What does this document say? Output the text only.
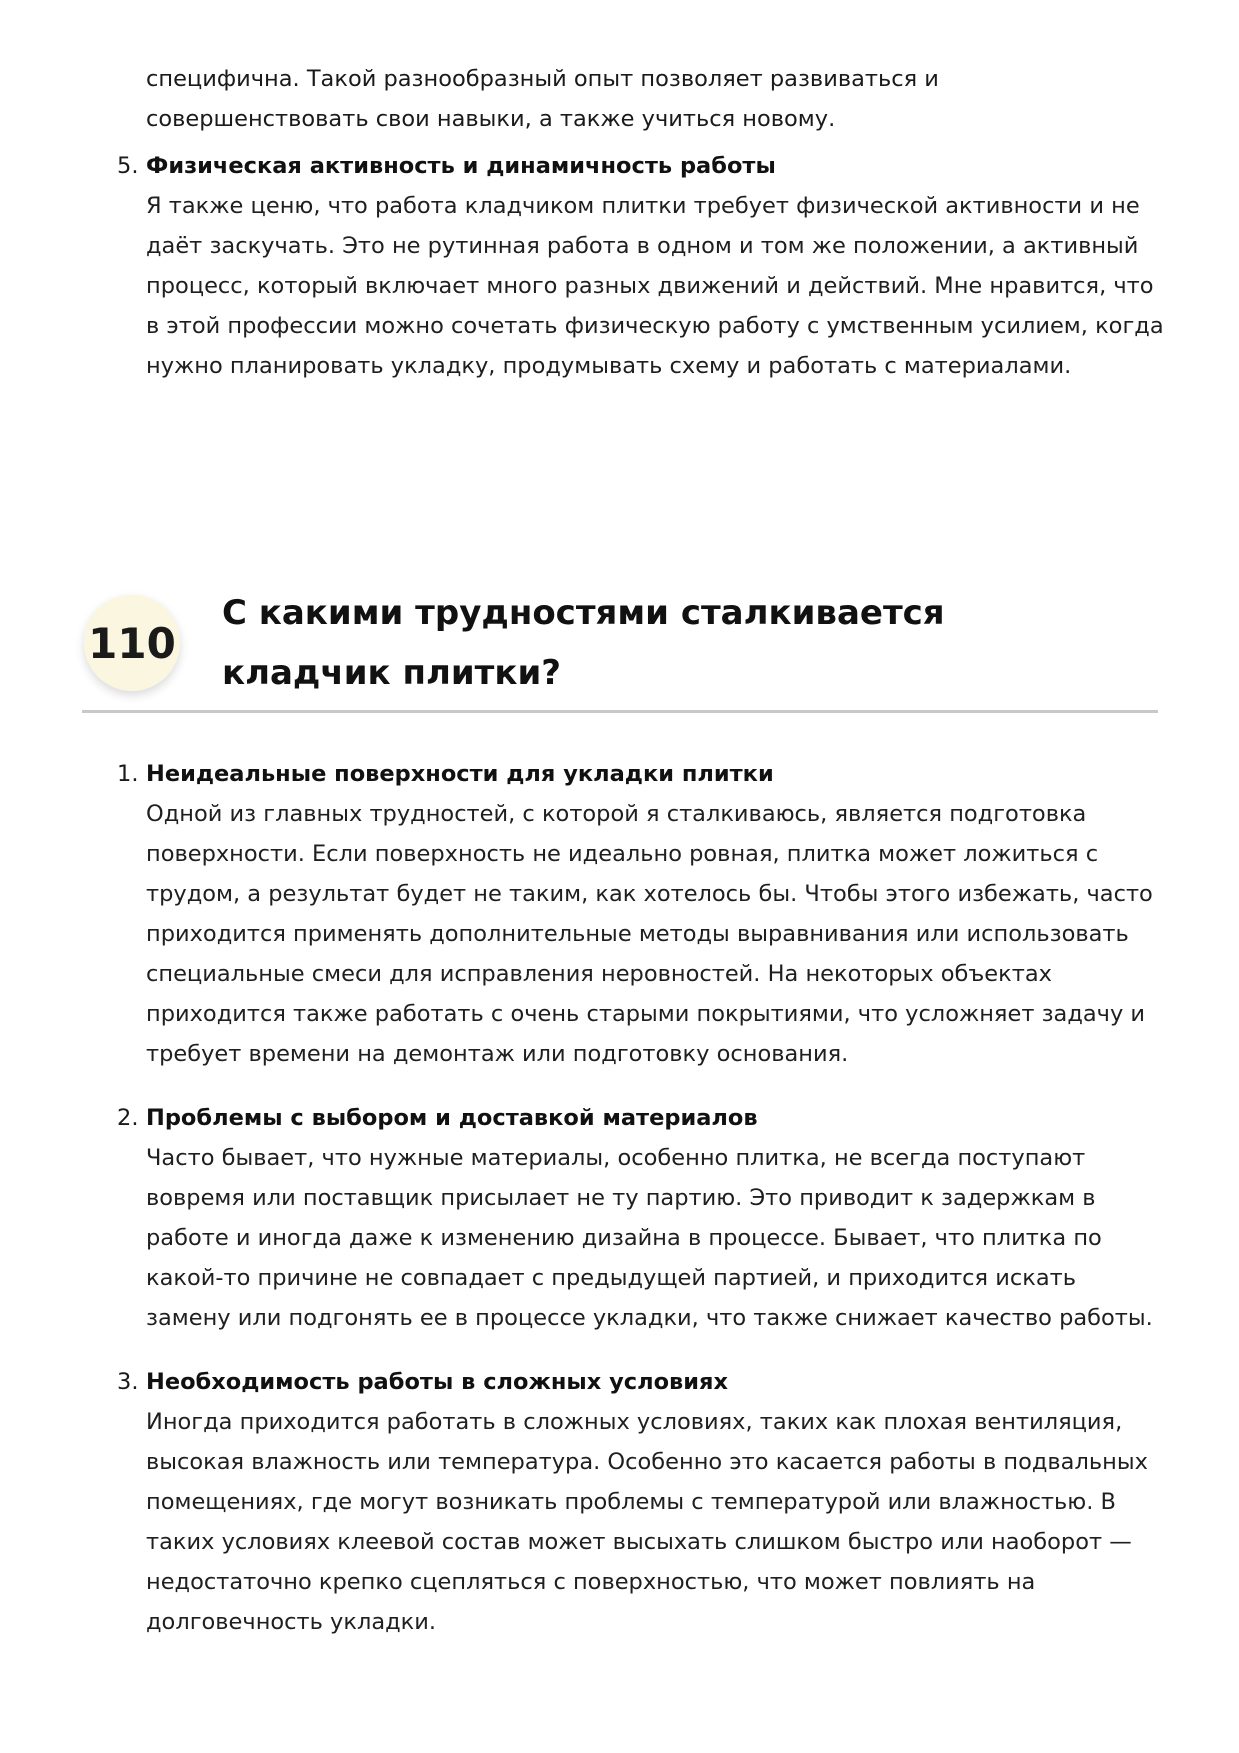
специфична. Такой разнообразный опыт позволяет развиваться и совершенствовать свои навыки, а также учиться новому.

5. Физическая активность и динамичность работы
Я также ценю, что работа кладчиком плитки требует физической активности и не даёт заскучать. Это не рутинная работа в одном и том же положении, а активный процесс, который включает много разных движений и действий. Мне нравится, что в этой профессии можно сочетать физическую работу с умственным усилием, когда нужно планировать укладку, продумывать схему и работать с материалами.
110
С какими трудностями сталкивается кладчик плитки?
1. Неидеальные поверхности для укладки плитки
Одной из главных трудностей, с которой я сталкиваюсь, является подготовка поверхности. Если поверхность не идеально ровная, плитка может ложиться с трудом, а результат будет не таким, как хотелось бы. Чтобы этого избежать, часто приходится применять дополнительные методы выравнивания или использовать специальные смеси для исправления неровностей. На некоторых объектах приходится также работать с очень старыми покрытиями, что усложняет задачу и требует времени на демонтаж или подготовку основания.
2. Проблемы с выбором и доставкой материалов
Часто бывает, что нужные материалы, особенно плитка, не всегда поступают вовремя или поставщик присылает не ту партию. Это приводит к задержкам в работе и иногда даже к изменению дизайна в процессе. Бывает, что плитка по какой-то причине не совпадает с предыдущей партией, и приходится искать замену или подгонять ее в процессе укладки, что также снижает качество работы.
3. Необходимость работы в сложных условиях
Иногда приходится работать в сложных условиях, таких как плохая вентиляция, высокая влажность или температура. Особенно это касается работы в подвальных помещениях, где могут возникать проблемы с температурой или влажностью. В таких условиях клеевой состав может высыхать слишком быстро или наоборот — недостаточно крепко сцепляться с поверхностью, что может повлиять на долговечность укладки.
